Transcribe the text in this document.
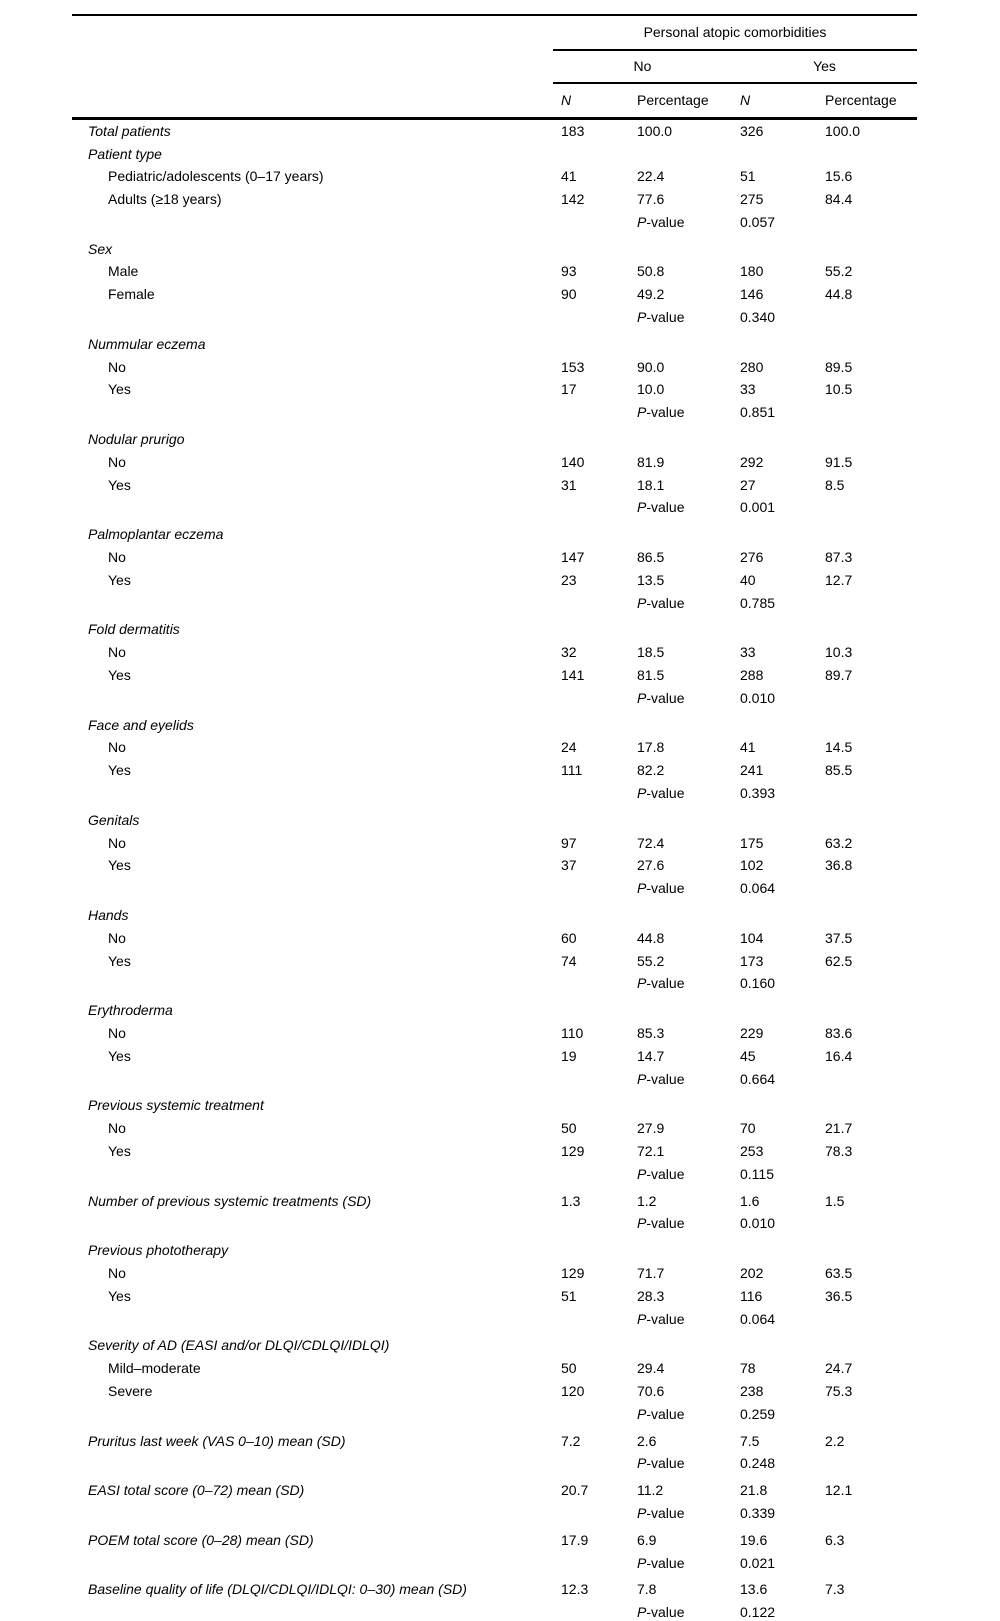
	Personal atopic comorbidities			
	No		Yes	
	N	Percentage	N	Percentage
Total patients	183	100.0	326	100.0
Patient type				
Pediatric/adolescents (0–17 years)	41	22.4	51	15.6
Adults (≥18 years)	142	77.6	275	84.4
		P-value	0.057	
Sex				
Male	93	50.8	180	55.2
Female	90	49.2	146	44.8
		P-value	0.340	
Nummular eczema				
No	153	90.0	280	89.5
Yes	17	10.0	33	10.5
		P-value	0.851	
Nodular prurigo				
No	140	81.9	292	91.5
Yes	31	18.1	27	8.5
		P-value	0.001	
Palmoplantar eczema				
No	147	86.5	276	87.3
Yes	23	13.5	40	12.7
		P-value	0.785	
Fold dermatitis				
No	32	18.5	33	10.3
Yes	141	81.5	288	89.7
		P-value	0.010	
Face and eyelids				
No	24	17.8	41	14.5
Yes	111	82.2	241	85.5
		P-value	0.393	
Genitals				
No	97	72.4	175	63.2
Yes	37	27.6	102	36.8
		P-value	0.064	
Hands				
No	60	44.8	104	37.5
Yes	74	55.2	173	62.5
		P-value	0.160	
Erythroderma				
No	110	85.3	229	83.6
Yes	19	14.7	45	16.4
		P-value	0.664	
Previous systemic treatment				
No	50	27.9	70	21.7
Yes	129	72.1	253	78.3
		P-value	0.115	
Number of previous systemic treatments (SD)	1.3	1.2	1.6	1.5
		P-value	0.010	
Previous phototherapy				
No	129	71.7	202	63.5
Yes	51	28.3	116	36.5
		P-value	0.064	
Severity of AD (EASI and/or DLQI/CDLQI/IDLQI)				
Mild–moderate	50	29.4	78	24.7
Severe	120	70.6	238	75.3
		P-value	0.259	
Pruritus last week (VAS 0–10) mean (SD)	7.2	2.6	7.5	2.2
		P-value	0.248	
EASI total score (0–72) mean (SD)	20.7	11.2	21.8	12.1
		P-value	0.339	
POEM total score (0–28) mean (SD)	17.9	6.9	19.6	6.3
		P-value	0.021	
Baseline quality of life (DLQI/CDLQI/IDLQI: 0–30) mean (SD)	12.3	7.8	13.6	7.3
		P-value	0.122	
